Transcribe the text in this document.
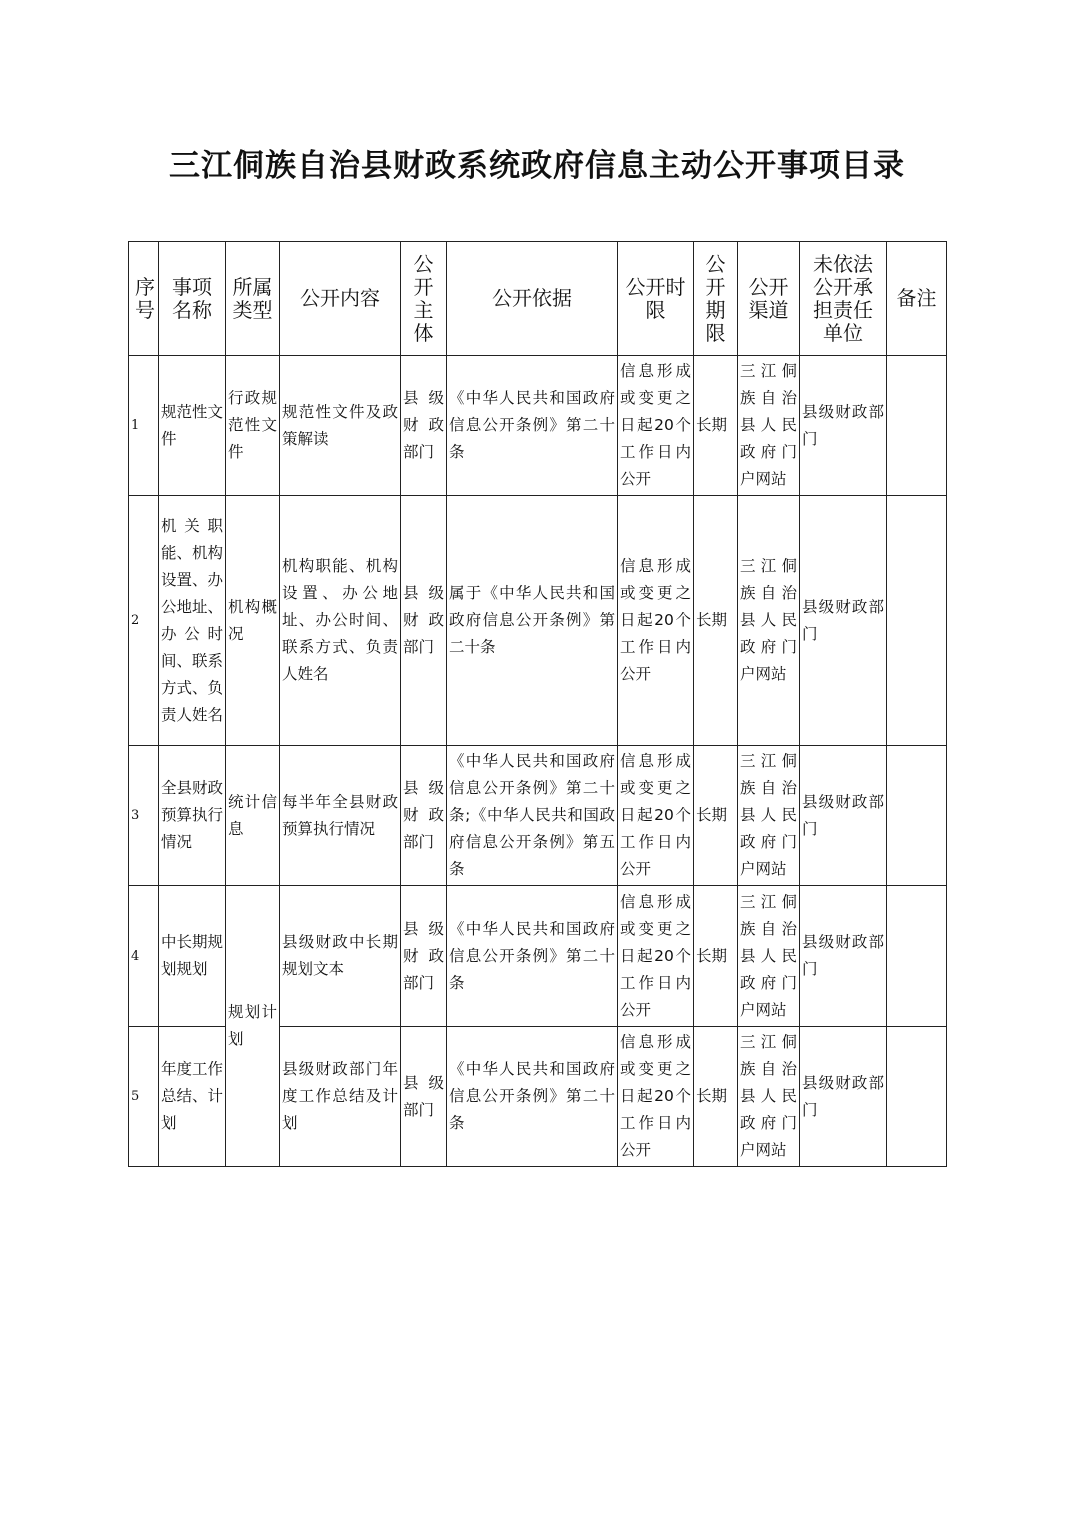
三江侗族自治县财政系统政府信息主动公开事项目录
序号	事项名称	所属类型	公开内容	公开主体	公开依据	公开时限	公开期限	公开渠道	未依法公开承担责任单位	备注
1	规范性文件	行政规范性文件	规范性文件及政策解读	县级财政部门	《中华人民共和国政府信息公开条例》第二十条	信息形成或变更之日起20个工作日内公开	长期	三江侗族自治县人民政府门户网站	县级财政部门	
2	机关职能、机构设置、办公地址、办公时间、联系方式、负责人姓名	机构概况	机构职能、机构设置、办公地址、办公时间、联系方式、负责人姓名	县级财政部门	属于《中华人民共和国政府信息公开条例》第二十条	信息形成或变更之日起20个工作日内公开	长期	三江侗族自治县人民政府门户网站	县级财政部门	
3	全县财政预算执行情况	统计信息	每半年全县财政预算执行情况	县级财政部门	《中华人民共和国政府信息公开条例》第二十条;《中华人民共和国政府信息公开条例》第五条	信息形成或变更之日起20个工作日内公开	长期	三江侗族自治县人民政府门户网站	县级财政部门	
4	中长期规划规划	规划计划	县级财政中长期规划文本	县级财政部门	《中华人民共和国政府信息公开条例》第二十条	信息形成或变更之日起20个工作日内公开	长期	三江侗族自治县人民政府门户网站	县级财政部门	
5	年度工作总结、计划		县级财政部门年度工作总结及计划	县级部门	《中华人民共和国政府信息公开条例》第二十条	信息形成或变更之日起20个工作日内公开	长期	三江侗族自治县人民政府门户网站	县级财政部门	
